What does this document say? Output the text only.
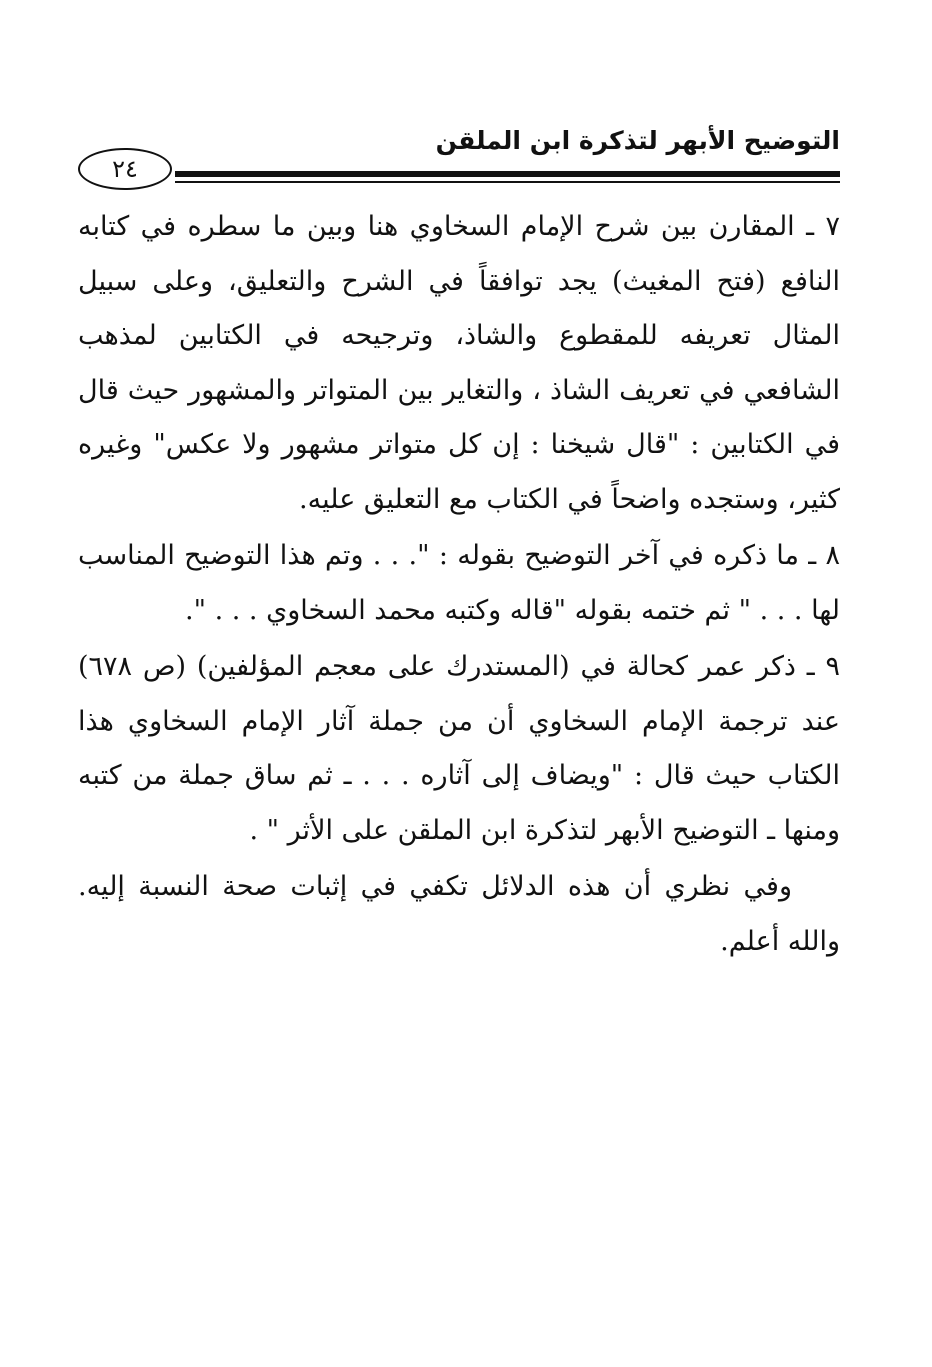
التوضيح الأبهر لتذكرة ابن الملقن
٢٤

٧ ـ المقارن بين شرح الإمام السخاوي هنا وبين ما سطره في كتابه النافع (فتح المغيث) يجد توافقاً في الشرح والتعليق، وعلى سبيل المثال تعريفه للمقطوع والشاذ، وترجيحه في الكتابين لمذهب الشافعي في تعريف الشاذ ، والتغاير بين المتواتر والمشهور حيث قال في الكتابين : "قال شيخنا : إن كل متواتر مشهور ولا عكس" وغيره كثير، وستجده واضحاً في الكتاب مع التعليق عليه.

٨ ـ ما ذكره في آخر التوضيح بقوله : ". . . وتم هذا التوضيح المناسب لها . . . " ثم ختمه بقوله "قاله وكتبه محمد السخاوي . . . ".

٩ ـ ذكر عمر كحالة في (المستدرك على معجم المؤلفين) (ص ٦٧٨) عند ترجمة الإمام السخاوي أن من جملة آثار الإمام السخاوي هذا الكتاب حيث قال : "ويضاف إلى آثاره . . . ـ ثم ساق جملة من كتبه ومنها ـ التوضيح الأبهر لتذكرة ابن الملقن على الأثر " .

وفي نظري أن هذه الدلائل تكفي في إثبات صحة النسبة إليه. والله أعلم.
